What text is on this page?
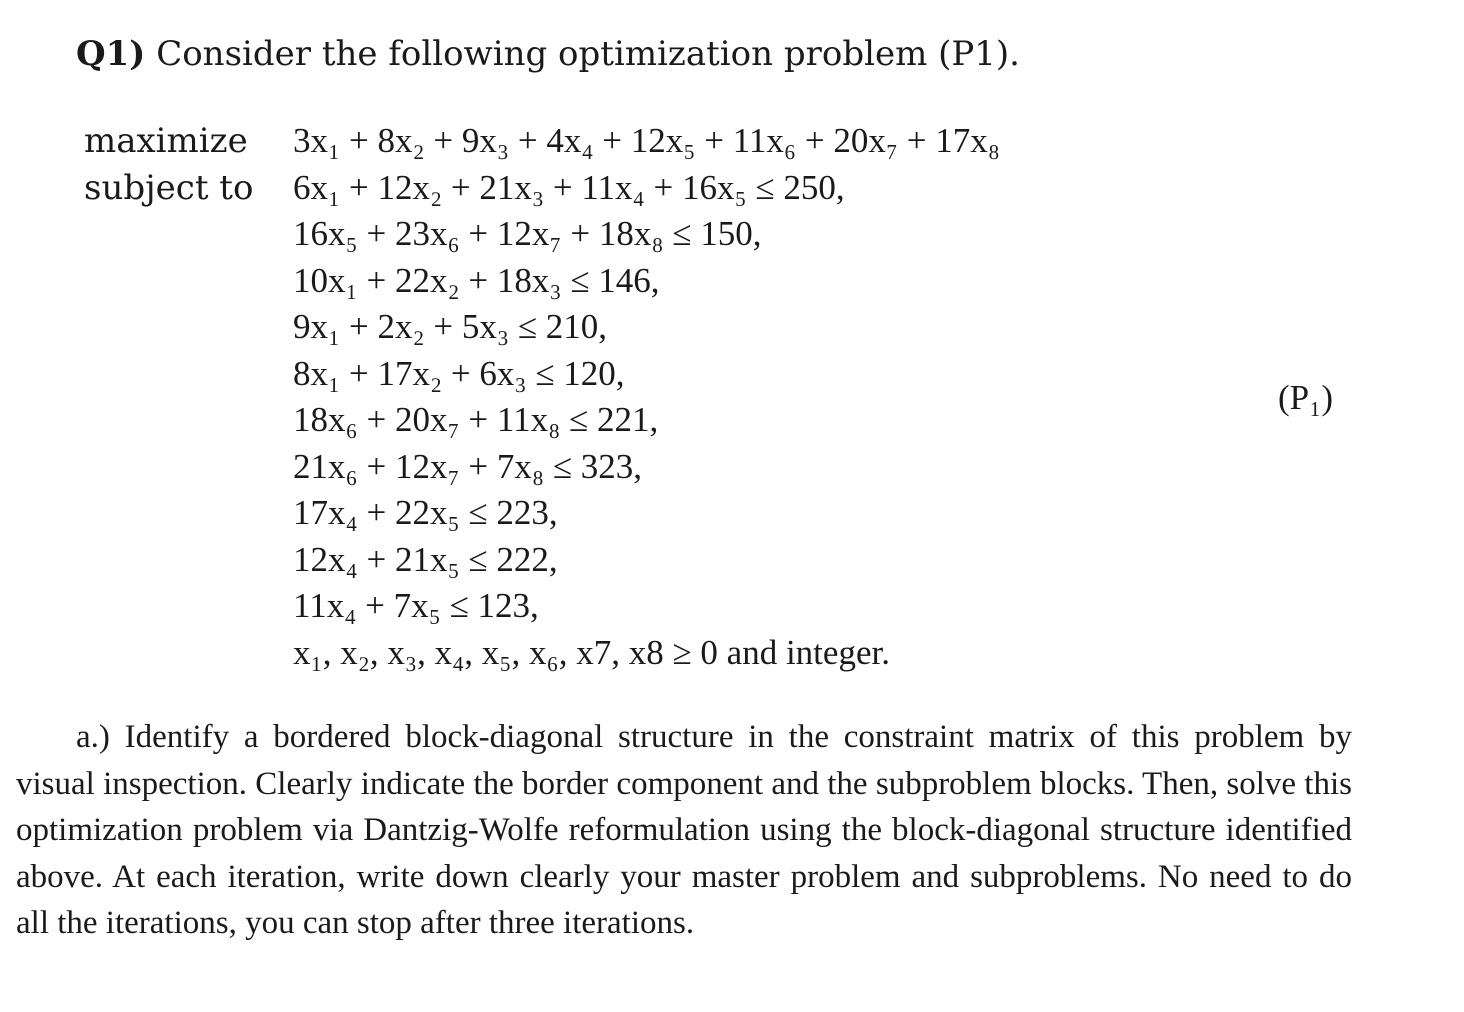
Q1) Consider the following optimization problem (P1).
maximize
subject to
3x₁ + 8x₂ + 9x₃ + 4x₄ + 12x₅ + 11x₆ + 20x₇ + 17x₈
6x₁ + 12x₂ + 21x₃ + 11x₄ + 16x₅ ≤ 250,
16x₅ + 23x₆ + 12x₇ + 18x₈ ≤ 150,
10x₁ + 22x₂ + 18x₃ ≤ 146,
9x₁ + 2x₂ + 5x₃ ≤ 210,
8x₁ + 17x₂ + 6x₃ ≤ 120,
18x₆ + 20x₇ + 11x₈ ≤ 221,
21x₆ + 12x₇ + 7x₈ ≤ 323,
17x₄ + 22x₅ ≤ 223,
12x₄ + 21x₅ ≤ 222,
11x₄ + 7x₅ ≤ 123,
x₁, x₂, x₃, x₄, x₅, x₆, x7, x8 ≥ 0 and integer.
(P₁)
a.) Identify a bordered block-diagonal structure in the constraint matrix of this problem by visual inspection. Clearly indicate the border component and the subproblem blocks. Then, solve this optimization problem via Dantzig-Wolfe reformulation using the block-diagonal structure identified above. At each iteration, write down clearly your master problem and subproblems. No need to do all the iterations, you can stop after three iterations.
